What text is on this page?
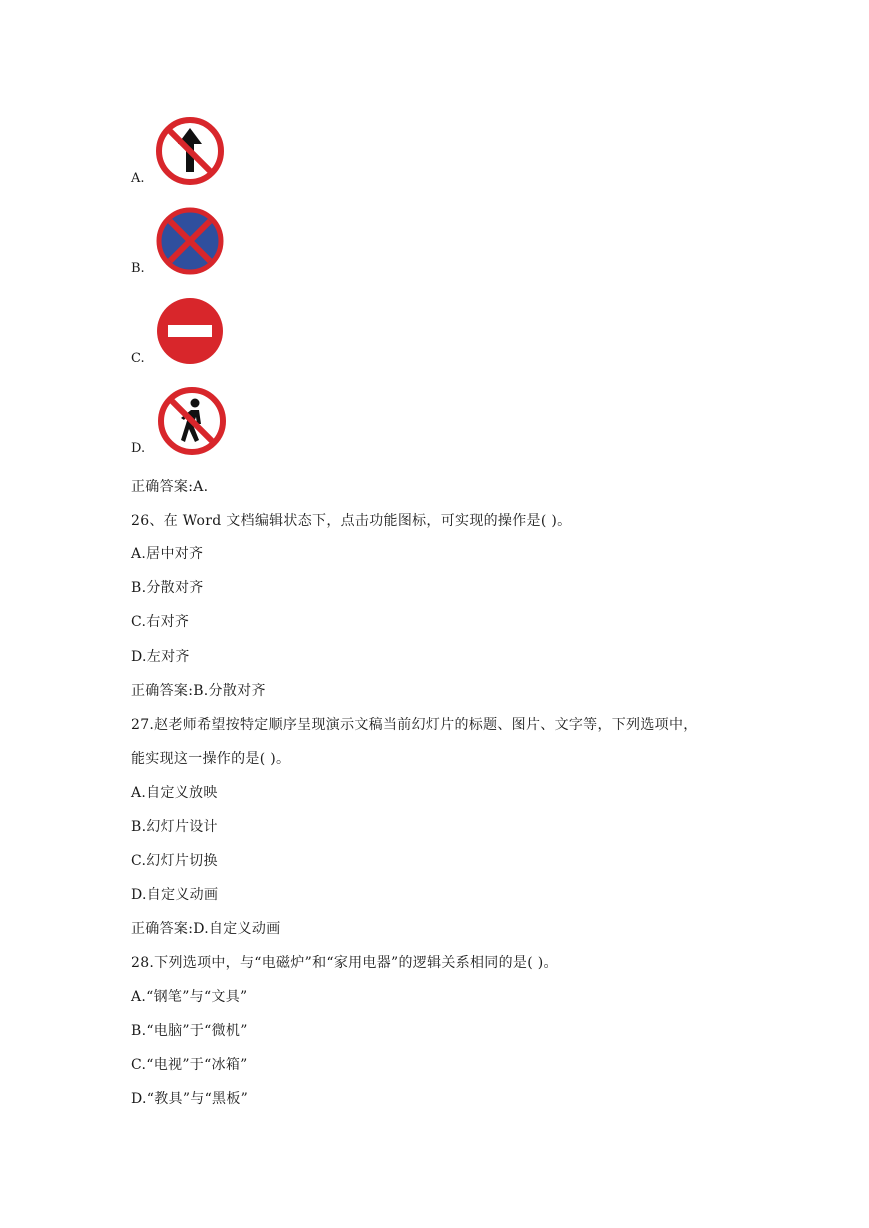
A.
B.
C.
D.
正确答案:A.
26、在 Word 文档编辑状态下，点击功能图标，可实现的操作是( )。
A.居中对齐
B.分散对齐
C.右对齐
D.左对齐
正确答案:B.分散对齐
27.赵老师希望按特定顺序呈现演示文稿当前幻灯片的标题、图片、文字等，下列选项中，
能实现这一操作的是( )。
A.自定义放映
B.幻灯片设计
C.幻灯片切换
D.自定义动画
正确答案:D.自定义动画
28.下列选项中，与“电磁炉”和“家用电器”的逻辑关系相同的是( )。
A.“钢笔”与“文具”
B.“电脑”于“微机”
C.“电视”于“冰箱”
D.“教具”与“黑板”
